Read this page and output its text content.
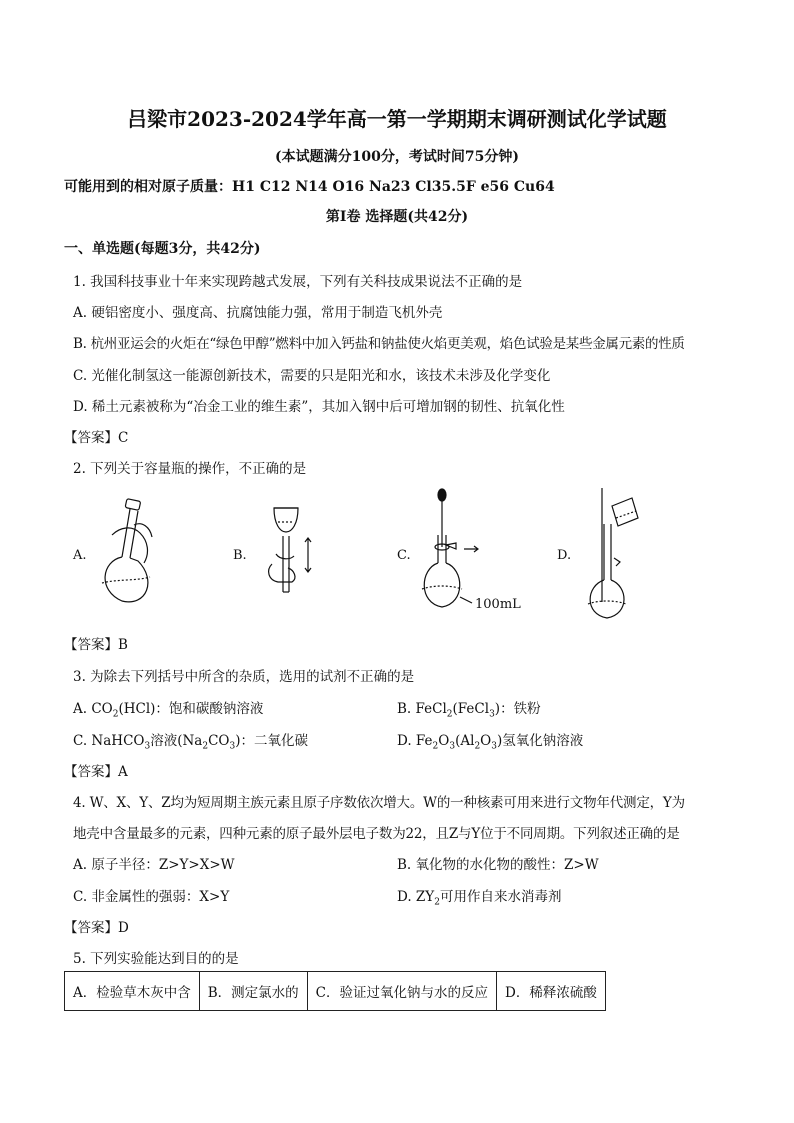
吕梁市2023-2024学年高一第一学期期末调研测试化学试题
(本试题满分100分，考试时间75分钟)
可能用到的相对原子质量：H1 C12 N14 O16 Na23 Cl35.5F e56 Cu64
第Ⅰ卷 选择题(共42分)
一、单选题(每题3分，共42分)
1. 我国科技事业十年来实现跨越式发展，下列有关科技成果说法不正确的是
A. 硬铝密度小、强度高、抗腐蚀能力强，常用于制造飞机外壳
B. 杭州亚运会的火炬在“绿色甲醇”燃料中加入钙盐和钠盐使火焰更美观，焰色试验是某些金属元素的性质
C. 光催化制氢这一能源创新技术，需要的只是阳光和水，该技术未涉及化学变化
D. 稀土元素被称为“冶金工业的维生素”，其加入钢中后可增加钢的韧性、抗氧化性
【答案】C
2. 下列关于容量瓶的操作，不正确的是
A.	B.	C.
100mL
D.
【答案】B
3. 为除去下列括号中所含的杂质，选用的试剂不正确的是
A. $CO_2(HCl)$：饱和碳酸钠溶液	B. FeCl$_2$(FeCl$_3$)：铁粉
C. NaHCO$_3$溶液$(Na_2CO_3)$：二氧化碳	D. $Fe_2O_3(Al_2O_3)$氢氧化钠溶液
【答案】A
4. W、X、Y、Z均为短周期主族元素且原子序数依次增大。W的一种核素可用来进行文物年代测定，Y为
地壳中含量最多的元素，四种元素的原子最外层电子数为22，且Z与Y位于不同周期。下列叙述正确的是
A. 原子半径：Z>Y>X>W	B. 氧化物的水化物的酸性：Z>W
C. 非金属性的强弱：X>Y	D. $ZY_2$可用作自来水消毒剂
【答案】D
5. 下列实验能达到目的的是
A．检验草木灰中含	B．测定氯水的	C．验证过氧化钠与水的反应	D．稀释浓硫酸
